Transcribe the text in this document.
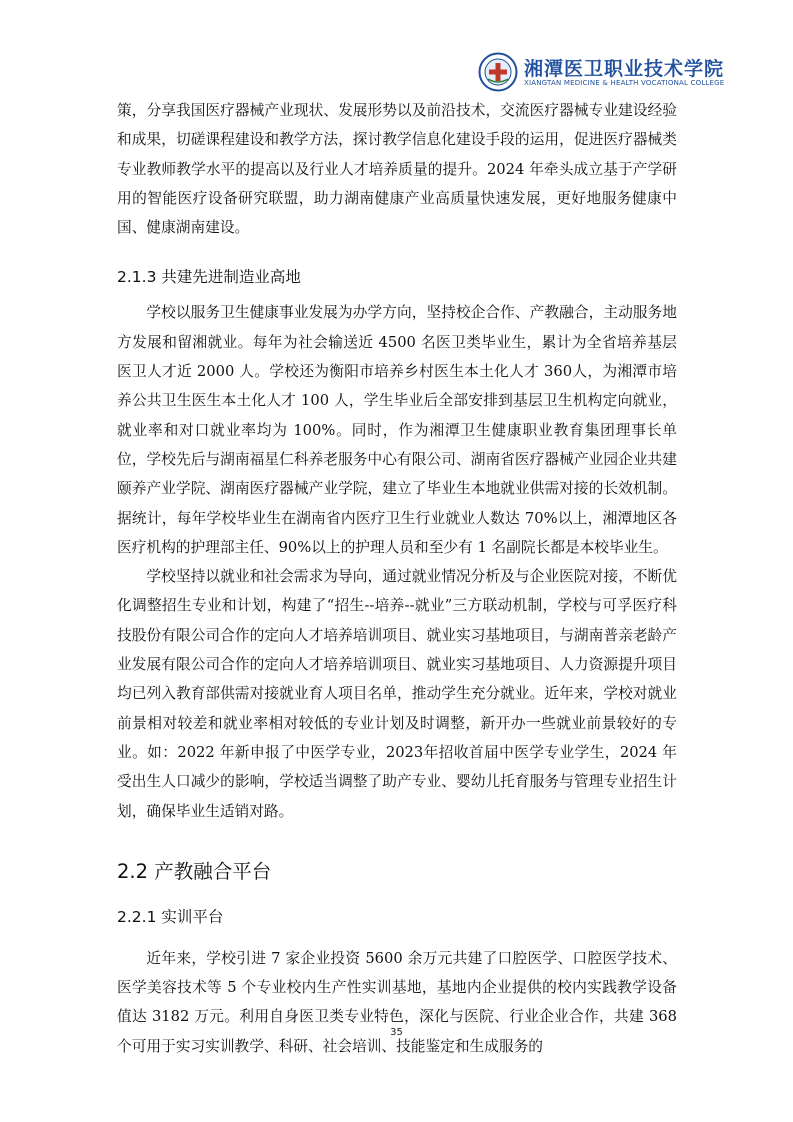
湘潭医卫职业技术学院
XIANGTAN MEDICINE & HEALTH VOCATIONAL COLLEGE

策，分享我国医疗器械产业现状、发展形势以及前沿技术，交流医疗器械专业建设经验和成果，切磋课程建设和教学方法，探讨教学信息化建设手段的运用，促进医疗器械类专业教师教学水平的提高以及行业人才培养质量的提升。2024 年牵头成立基于产学研用的智能医疗设备研究联盟，助力湖南健康产业高质量快速发展，更好地服务健康中国、健康湖南建设。

2.1.3 共建先进制造业高地

学校以服务卫生健康事业发展为办学方向，坚持校企合作、产教融合，主动服务地方发展和留湘就业。每年为社会输送近 4500 名医卫类毕业生，累计为全省培养基层医卫人才近 2000 人。学校还为衡阳市培养乡村医生本土化人才 360人，为湘潭市培养公共卫生医生本土化人才 100 人，学生毕业后全部安排到基层卫生机构定向就业，就业率和对口就业率均为 100%。同时，作为湘潭卫生健康职业教育集团理事长单位，学校先后与湖南福星仁科养老服务中心有限公司、湖南省医疗器械产业园企业共建颐养产业学院、湖南医疗器械产业学院，建立了毕业生本地就业供需对接的长效机制。据统计，每年学校毕业生在湖南省内医疗卫生行业就业人数达 70%以上，湘潭地区各医疗机构的护理部主任、90%以上的护理人员和至少有 1 名副院长都是本校毕业生。

学校坚持以就业和社会需求为导向，通过就业情况分析及与企业医院对接，不断优化调整招生专业和计划，构建了“招生--培养--就业”三方联动机制，学校与可孚医疗科技股份有限公司合作的定向人才培养培训项目、就业实习基地项目，与湖南普亲老龄产业发展有限公司合作的定向人才培养培训项目、就业实习基地项目、人力资源提升项目均已列入教育部供需对接就业育人项目名单，推动学生充分就业。近年来，学校对就业前景相对较差和就业率相对较低的专业计划及时调整，新开办一些就业前景较好的专业。如：2022 年新申报了中医学专业，2023年招收首届中医学专业学生，2024 年受出生人口减少的影响，学校适当调整了助产专业、婴幼儿托育服务与管理专业招生计划，确保毕业生适销对路。

2.2 产教融合平台
2.2.1 实训平台

近年来，学校引进 7 家企业投资 5600 余万元共建了口腔医学、口腔医学技术、医学美容技术等 5 个专业校内生产性实训基地，基地内企业提供的校内实践教学设备值达 3182 万元。利用自身医卫类专业特色，深化与医院、行业企业合作，共建 368 个可用于实习实训教学、科研、社会培训、技能鉴定和生成服务的

35
